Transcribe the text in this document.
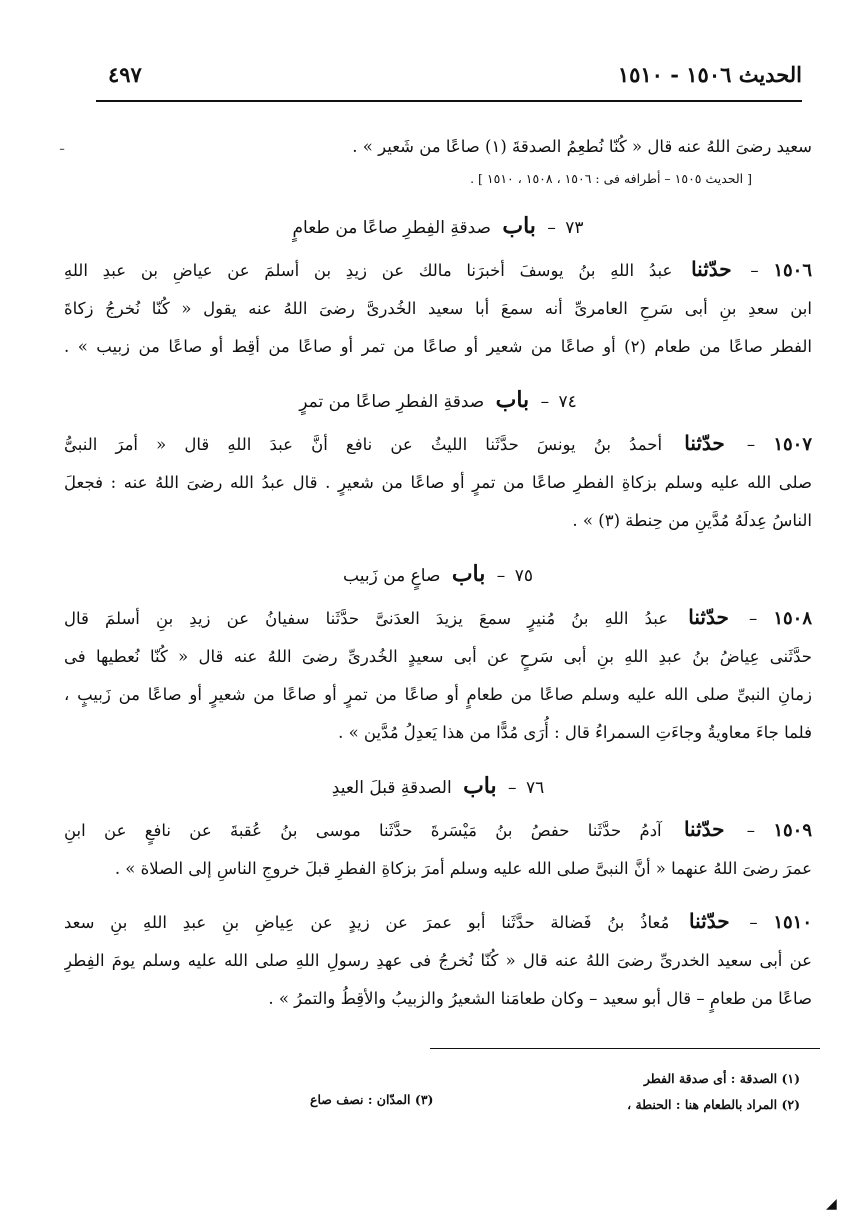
الحديث ١٥٠٦ - ١٥١٠
٤٩٧
ـ	سعيد رضىَ اللهُ عنه قال « كُنّا نُطعِمُ الصدقةَ (١) صاعًا من شَعير » .
[ الحديث ١٥٠٥ – أطرافه فى : ١٥٠٦ ، ١٥٠٨ ، ١٥١٠ ] .
٧٣ – باب صدقةِ الفِطرِ صاعًا من طعامٍ
١٥٠٦ – حدّثنا عبدُ اللهِ بنُ يوسفَ أخبرَنا مالك عن زيدِ بن أسلمَ عن عياضِ بن عبدِ اللهِ
ابن سعدِ بنِ أبى سَرحِ العامرىِّ أنه سمعَ أبا سعيد الخُدرىَّ رضىَ اللهُ عنه يقول « كُنّا نُخرجُ زكاةَ
الفطر صاعًا من طعام (٢) أو صاعًا من شعير أو صاعًا من تمر أو صاعًا من أقِط أو صاعًا من زبيب » .
٧٤ – باب صدقةِ الفطرِ صاعًا من تمرٍ
١٥٠٧ – حدّثنا أحمدُ بنُ يونسَ حدَّثَنا الليثُ عن نافع أنَّ عبدَ اللهِ قال « أمرَ النبىُّ
صلى الله عليه وسلم بزكاةِ الفطرِ صاعًا من تمرٍ أو صاعًا من شعيرٍ . قال عبدُ الله رضىَ اللهُ عنه : فجعلَ
الناسُ عِدلَهُ مُدَّينِ من حِنطة (٣) » .
٧٥ – باب صاعٍ من زَبيب
١٥٠٨ – حدّثنا عبدُ اللهِ بنُ مُنيرٍ سمعَ يزيدَ العدَنىَّ حدَّثَنا سفيانُ عن زيدِ بنِ أسلمَ قال
حدَّثَنى عِياضُ بنُ عبدِ اللهِ بنِ أبى سَرحٍ عن أبى سعيدٍ الخُدرىِّ رضىَ اللهُ عنه قال « كُنّا نُعطيها فى
زمانِ النبىِّ صلى الله عليه وسلم صاعًا من طعامٍ أو صاعًا من تمرٍ أو صاعًا من شعيرٍ أو صاعًا من زَبيبٍ ،
فلما جاءَ معاويةُ وجاءَتِ السمراءُ قال : أُرَى مُدًّا من هذا يَعدِلُ مُدَّين » .
٧٦ – باب الصدقةِ قبلَ العيدِ
١٥٠٩ – حدّثنا آدمُ حدَّثَنا حفصُ بنُ مَيْسَرةَ حدَّثَنا موسى بنُ عُقبةَ عن نافعٍ عن ابنِ
عمرَ رضىَ اللهُ عنهما « أنَّ النبىَّ صلى الله عليه وسلم أمرَ بزكاةِ الفطرِ قبلَ خروجِ الناسِ إلى الصلاة » .
١٥١٠ – حدّثنا مُعاذُ بنُ فَضالة حدَّثَنا أبو عمرَ عن زيدٍ عن عِياضِ بنِ عبدِ اللهِ بنِ سعد
عن أبى سعيد الخدرىِّ رضىَ اللهُ عنه قال « كُنّا نُخرجُ فى عهدِ رسولِ اللهِ صلى الله عليه وسلم يومَ الفِطرِ
صاعًا من طعامٍ – قال أبو سعيد – وكان طعامَنا الشعيرُ والزبيبُ والأقِطُ والتمرُ » .
(١) الصدقة : أى صدقة الفطر
(٢) المراد بالطعام هنا : الحنطة ،
(٣) المدّان : نصف صاع
◢
